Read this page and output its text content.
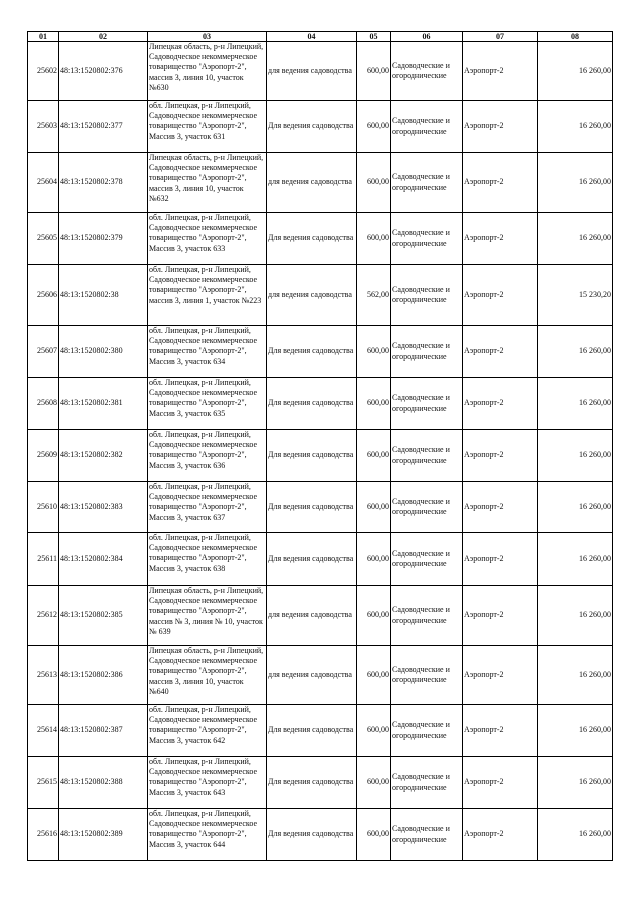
01	02	03	04	05	06	07	08
25602	48:13:1520802:376	Липецкая область, р-н Липецкий, Садоводческое некоммерческое товарищество "Аэропорт-2", массив 3, линия 10, участок №630	для ведения садоводства	600,00	Садоводческие и огороднические	Аэропорт-2	16 260,00
25603	48:13:1520802:377	обл. Липецкая, р-н Липецкий, Садоводческое некоммерческое товарищество "Аэропорт-2", Массив 3, участок 631	Для ведения садоводства	600,00	Садоводческие и огороднические	Аэропорт-2	16 260,00
25604	48:13:1520802:378	Липецкая область, р-н Липецкий, Садоводческое некоммерческое товарищество "Аэропорт-2", массив 3, линия 10, участок №632	для ведения садоводства	600,00	Садоводческие и огороднические	Аэропорт-2	16 260,00
25605	48:13:1520802:379	обл. Липецкая, р-н Липецкий, Садоводческое некоммерческое товарищество "Аэропорт-2", Массив 3, участок 633	Для ведения садоводства	600,00	Садоводческие и огороднические	Аэропорт-2	16 260,00
25606	48:13:1520802:38	обл. Липецкая, р-н Липецкий, Садоводческое некоммерческое товарищество "Аэропорт-2", массив 3, линия 1, участок №223	для ведения садоводства	562,00	Садоводческие и огороднические	Аэропорт-2	15 230,20
25607	48:13:1520802:380	обл. Липецкая, р-н Липецкий, Садоводческое некоммерческое товарищество "Аэропорт-2", Массив 3, участок 634	Для ведения садоводства	600,00	Садоводческие и огороднические	Аэропорт-2	16 260,00
25608	48:13:1520802:381	обл. Липецкая, р-н Липецкий, Садоводческое некоммерческое товарищество "Аэропорт-2", Массив 3, участок 635	Для ведения садоводства	600,00	Садоводческие и огороднические	Аэропорт-2	16 260,00
25609	48:13:1520802:382	обл. Липецкая, р-н Липецкий, Садоводческое некоммерческое товарищество "Аэропорт-2", Массив 3, участок 636	Для ведения садоводства	600,00	Садоводческие и огороднические	Аэропорт-2	16 260,00
25610	48:13:1520802:383	обл. Липецкая, р-н Липецкий, Садоводческое некоммерческое товарищество "Аэропорт-2", Массив 3, участок 637	Для ведения садоводства	600,00	Садоводческие и огороднические	Аэропорт-2	16 260,00
25611	48:13:1520802:384	обл. Липецкая, р-н Липецкий, Садоводческое некоммерческое товарищество "Аэропорт-2", Массив 3, участок 638	Для ведения садоводства	600,00	Садоводческие и огороднические	Аэропорт-2	16 260,00
25612	48:13:1520802:385	Липецкая область, р-н Липецкий, Садоводческое некоммерческое товарищество "Аэропорт-2", массив № 3, линия № 10, участок № 639	для ведения садоводства	600,00	Садоводческие и огороднические	Аэропорт-2	16 260,00
25613	48:13:1520802:386	Липецкая область, р-н Липецкий, Садоводческое некоммерческое товарищество "Аэропорт-2", массив 3, линия 10, участок №640	для ведения садоводства	600,00	Садоводческие и огороднические	Аэропорт-2	16 260,00
25614	48:13:1520802:387	обл. Липецкая, р-н Липецкий, Садоводческое некоммерческое товарищество "Аэропорт-2", Массив 3, участок 642	Для ведения садоводства	600,00	Садоводческие и огороднические	Аэропорт-2	16 260,00
25615	48:13:1520802:388	обл. Липецкая, р-н Липецкий, Садоводческое некоммерческое товарищество "Аэропорт-2", Массив 3, участок 643	Для ведения садоводства	600,00	Садоводческие и огороднические	Аэропорт-2	16 260,00
25616	48:13:1520802:389	обл. Липецкая, р-н Липецкий, Садоводческое некоммерческое товарищество "Аэропорт-2", Массив 3, участок 644	Для ведения садоводства	600,00	Садоводческие и огороднические	Аэропорт-2	16 260,00
